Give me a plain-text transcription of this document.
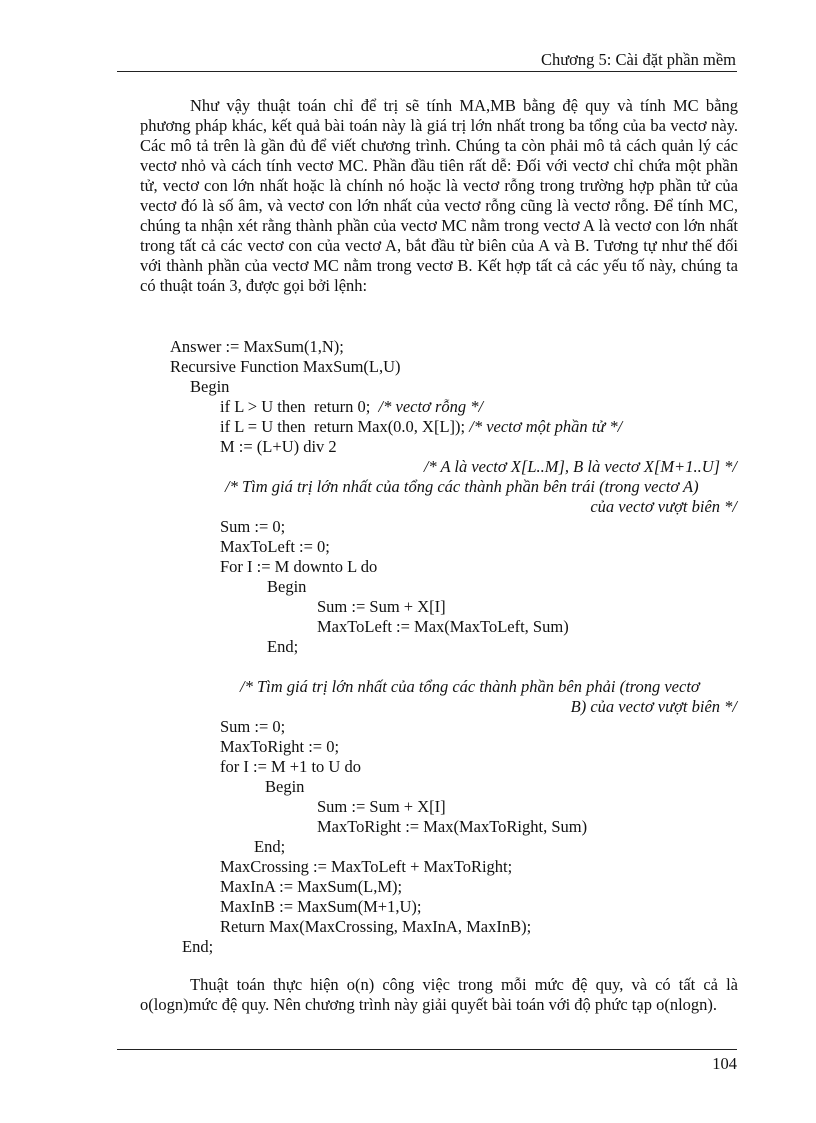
Chương 5: Cài đặt phần mềm

Như vậy thuật toán chỉ để trị sẽ tính MA,MB bằng đệ quy và tính MC bằng phương pháp khác, kết quả bài toán này là giá trị lớn nhất trong ba tổng của ba vectơ này. Các mô tả trên là gần đủ để viết chương trình. Chúng ta còn phải mô tả cách quản lý các vectơ nhỏ và cách tính vectơ MC. Phần đầu tiên rất dễ: Đối với vectơ chỉ chứa một phần tử, vectơ con lớn nhất hoặc là chính nó hoặc là vectơ rỗng trong trường hợp phần tử của vectơ đó là số âm, và vectơ con lớn nhất của vectơ rỗng cũng là vectơ rỗng. Để tính MC, chúng ta nhận xét rằng thành phần của vectơ MC nằm trong vectơ A là vectơ con lớn nhất trong tất cả các vectơ con của vectơ A, bắt đầu từ biên của A và B. Tương tự như thế đối với thành phần của vectơ MC nằm trong vectơ B. Kết hợp tất cả các yếu tố này, chúng ta có thuật toán 3, được gọi bởi lệnh:

Answer := MaxSum(1,N);
Recursive Function MaxSum(L,U)
Begin
if L > U then  return 0;  /* vectơ rỗng */
if L = U then  return Max(0.0, X[L]); /* vectơ một phần tử */
M := (L+U) div 2
/* A là vectơ X[L..M], B là vectơ X[M+1..U] */
/* Tìm giá trị lớn nhất của tổng các thành phần bên trái (trong vectơ A)
của vectơ vượt biên */
Sum := 0;
MaxToLeft := 0;
For I := M downto L do
Begin
Sum := Sum + X[I]
MaxToLeft := Max(MaxToLeft, Sum)
End;
/* Tìm giá trị lớn nhất của tổng các thành phần bên phải (trong vectơ
B) của vectơ vượt biên */
Sum := 0;
MaxToRight := 0;
for I := M +1 to U do
Begin
Sum := Sum + X[I]
MaxToRight := Max(MaxToRight, Sum)
End;
MaxCrossing := MaxToLeft + MaxToRight;
MaxInA := MaxSum(L,M);
MaxInB := MaxSum(M+1,U);
Return Max(MaxCrossing, MaxInA, MaxInB);
End;

Thuật toán thực hiện o(n) công việc trong mỗi mức đệ quy, và có tất cả là o(logn)mức đệ quy. Nên chương trình này giải quyết bài toán với độ phức tạp o(nlogn).

104
